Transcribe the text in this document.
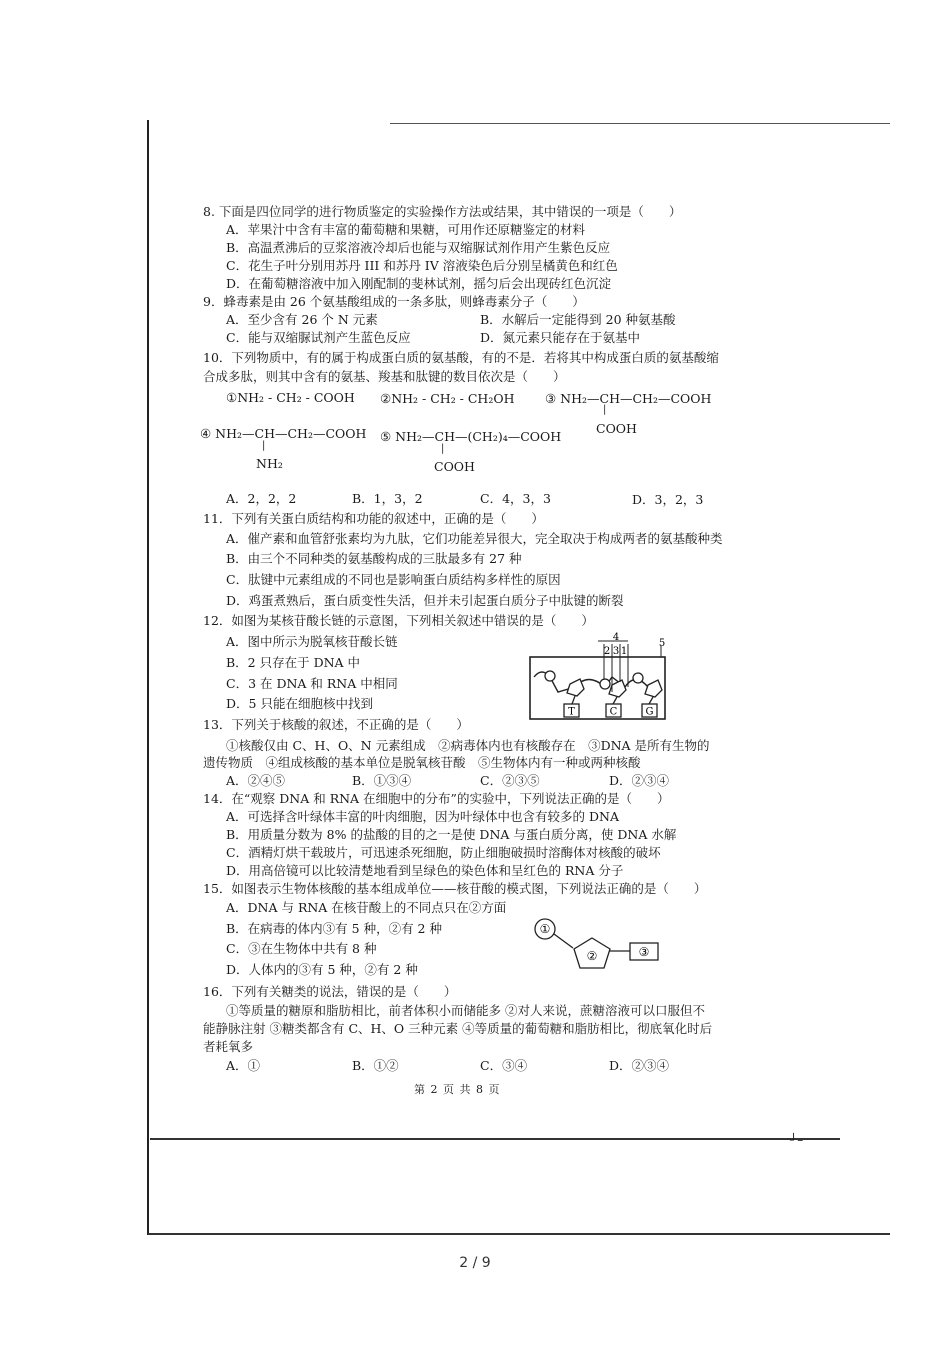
┘–
8. 下面是四位同学的进行物质鉴定的实验操作方法或结果，其中错误的一项是（　　）
A．苹果汁中含有丰富的葡萄糖和果糖，可用作还原糖鉴定的材料
B．高温煮沸后的豆浆溶液冷却后也能与双缩脲试剂作用产生紫色反应
C．花生子叶分别用苏丹 III 和苏丹 IV 溶液染色后分别呈橘黄色和红色
D．在葡萄糖溶液中加入刚配制的斐林试剂，摇匀后会出现砖红色沉淀
9．蜂毒素是由 26 个氨基酸组成的一条多肽，则蜂毒素分子（　　）
A．至少含有 26 个 N 元素	B．水解后一定能得到 20 种氨基酸
C．能与双缩脲试剂产生蓝色反应	D．氮元素只能存在于氨基中
10．下列物质中，有的属于构成蛋白质的氨基酸，有的不是．若将其中构成蛋白质的氨基酸缩
合成多肽，则其中含有的氨基、羧基和肽键的数目依次是（　　）
①NH₂ - CH₂ - COOH ②NH₂ - CH₂ - CH₂OH ③ NH₂—CH—CH₂—COOH
|
COOH
④ NH₂—CH—CH₂—COOH
|
NH₂
⑤ NH₂—CH—(CH₂)₄—COOH
|
COOH
A．2，2，2	B．1，3，2	C．4，3，3	D．3，2，3
11．下列有关蛋白质结构和功能的叙述中，正确的是（　　）
A．催产素和血管舒张素均为九肽，它们功能差异很大，完全取决于构成两者的氨基酸种类
B．由三个不同种类的氨基酸构成的三肽最多有 27 种
C．肽键中元素组成的不同也是影响蛋白质结构多样性的原因
D．鸡蛋煮熟后，蛋白质变性失活，但并未引起蛋白质分子中肽键的断裂
12．如图为某核苷酸长链的示意图，下列相关叙述中错误的是（　　）
A．图中所示为脱氧核苷酸长链
B．2 只存在于 DNA 中
C．3 在 DNA 和 RNA 中相同
D．5 只能在细胞核中找到
T	C	G
4
2 3 1
5
13．下列关于核酸的叙述，不正确的是（　　）
①核酸仅由 C、H、O、N 元素组成　②病毒体内也有核酸存在　③DNA 是所有生物的
遗传物质　④组成核酸的基本单位是脱氧核苷酸　⑤生物体内有一种或两种核酸
A．②④⑤	B．①③④	C．②③⑤	D．②③④
14．在“观察 DNA 和 RNA 在细胞中的分布”的实验中，下列说法正确的是（　　）
A．可选择含叶绿体丰富的叶肉细胞，因为叶绿体中也含有较多的 DNA
B．用质量分数为 8% 的盐酸的目的之一是使 DNA 与蛋白质分离，使 DNA 水解
C．酒精灯烘干载玻片，可迅速杀死细胞，防止细胞破损时溶酶体对核酸的破坏
D．用高倍镜可以比较清楚地看到呈绿色的染色体和呈红色的 RNA 分子
15．如图表示生物体核酸的基本组成单位——核苷酸的模式图，下列说法正确的是（　　）
A．DNA 与 RNA 在核苷酸上的不同点只在②方面
B．在病毒的体内③有 5 种，②有 2 种
C．③在生物体中共有 8 种
D．人体内的③有 5 种，②有 2 种
①
②	③
16．下列有关糖类的说法，错误的是（　　）
①等质量的糖原和脂肪相比，前者体积小而储能多 ②对人来说，蔗糖溶液可以口服但不
能静脉注射 ③糖类都含有 C、H、O 三种元素 ④等质量的葡萄糖和脂肪相比，彻底氧化时后
者耗氧多
A．①	B．①②	C．③④	D．②③④
第 2 页 共 8 页
2 / 9
